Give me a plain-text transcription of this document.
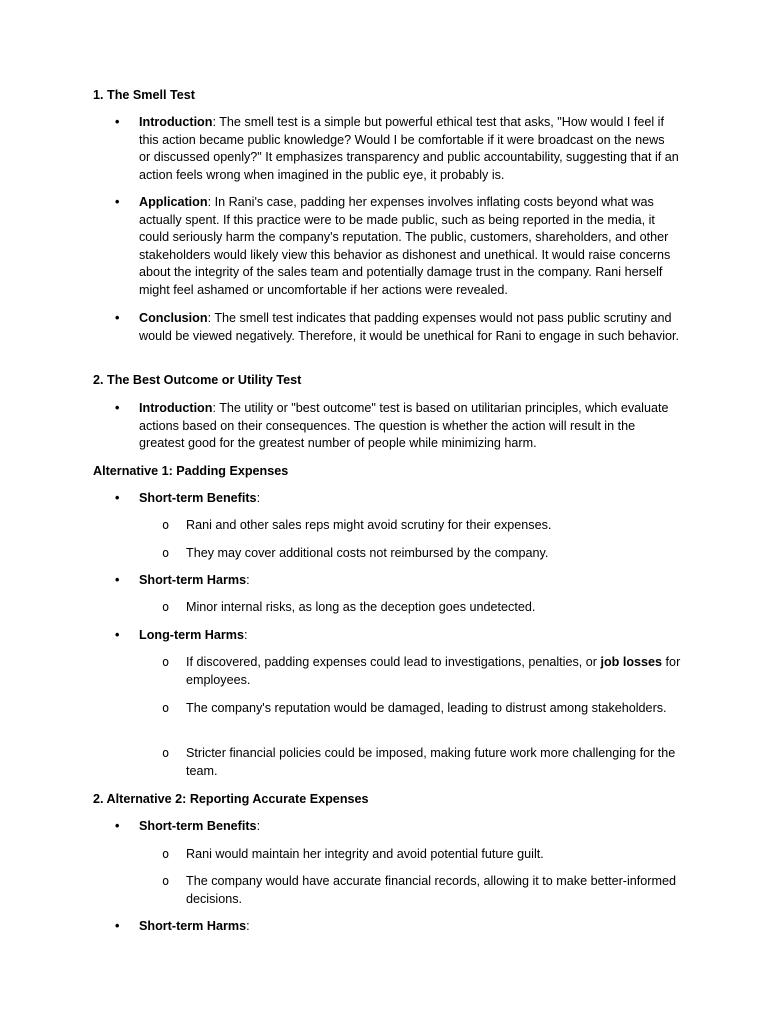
1. The Smell Test
• Introduction: The smell test is a simple but powerful ethical test that asks, "How would I feel if this action became public knowledge? Would I be comfortable if it were broadcast on the news or discussed openly?" It emphasizes transparency and public accountability, suggesting that if an action feels wrong when imagined in the public eye, it probably is.
• Application: In Rani's case, padding her expenses involves inflating costs beyond what was actually spent. If this practice were to be made public, such as being reported in the media, it could seriously harm the company's reputation. The public, customers, shareholders, and other stakeholders would likely view this behavior as dishonest and unethical. It would raise concerns about the integrity of the sales team and potentially damage trust in the company. Rani herself might feel ashamed or uncomfortable if her actions were revealed.
• Conclusion: The smell test indicates that padding expenses would not pass public scrutiny and would be viewed negatively. Therefore, it would be unethical for Rani to engage in such behavior.
2. The Best Outcome or Utility Test
• Introduction: The utility or "best outcome" test is based on utilitarian principles, which evaluate actions based on their consequences. The question is whether the action will result in the greatest good for the greatest number of people while minimizing harm.
Alternative 1: Padding Expenses
• Short-term Benefits:
o Rani and other sales reps might avoid scrutiny for their expenses.
o They may cover additional costs not reimbursed by the company.
• Short-term Harms:
o Minor internal risks, as long as the deception goes undetected.
• Long-term Harms:
o If discovered, padding expenses could lead to investigations, penalties, or job losses for employees.
o The company's reputation would be damaged, leading to distrust among stakeholders.
o Stricter financial policies could be imposed, making future work more challenging for the team.
2. Alternative 2: Reporting Accurate Expenses
• Short-term Benefits:
o Rani would maintain her integrity and avoid potential future guilt.
o The company would have accurate financial records, allowing it to make better-informed decisions.
• Short-term Harms:
